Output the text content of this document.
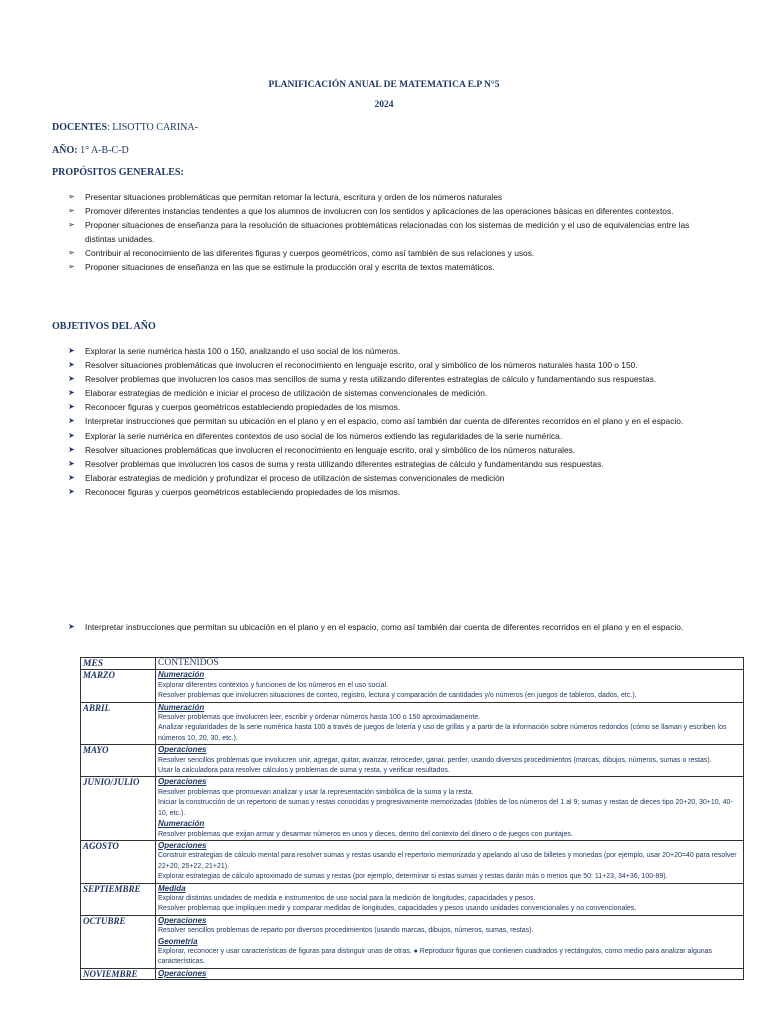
PLANIFICACIÓN ANUAL DE MATEMATICA E.P N°5
2024
DOCENTES: LISOTTO CARINA-
AÑO: 1° A-B-C-D
PROPÓSITOS GENERALES:
➢ Presentar situaciones problemáticas que permitan retomar la lectura, escritura y orden de los números naturales
➢ Promover diferentes instancias tendentes a que los alumnos de involucren con los sentidos y aplicaciones de las operaciones básicas en diferentes contextos.
➢ Proponer situaciones de enseñanza para la resolución de situaciones problemáticas relacionadas con los sistemas de medición y el uso de equivalencias entre las distintas unidades.
➢ Contribuir al reconocimiento de las diferentes figuras y cuerpos geométricos, como así también de sus relaciones y usos.
➢ Proponer situaciones de enseñanza en las que se estimule la producción oral y escrita de textos matemáticos.
OBJETIVOS DEL AÑO
➤ Explorar la serie numérica hasta 100 o 150, analizando el uso social de los números.
➤ Resolver situaciones problemáticas que involucren el reconocimiento en lenguaje escrito, oral y simbólico de los números naturales hasta 100 o 150.
➤ Resolver problemas que involucren los casos mas sencillos de suma y resta utilizando diferentes estrategias de cálculo y fundamentando sus respuestas.
➤ Elaborar estrategias de medición e iniciar el proceso de utilización de sistemas convencionales de medición.
➤ Reconocer figuras y cuerpos geométricos estableciendo propiedades de los mismos.
➤ Interpretar instrucciones que permitan su ubicación en el plano y en el espacio, como así también dar cuenta de diferentes recorridos en el plano y en el espacio.
➤ Explorar la serie numérica en diferentes contextos de uso social de los números extiendo las regularidades de la serie numérica.
➤ Resolver situaciones problemáticas que involucren el reconocimiento en lenguaje escrito, oral y simbólico de los números naturales.
➤ Resolver problemas que involucren los casos de suma y resta utilizando diferentes estrategias de cálculo y fundamentando sus respuestas.
➤ Elaborar estrategias de medición y profundizar el proceso de utilización de sistemas convencionales de medición
➤ Reconocer figuras y cuerpos geométricos estableciendo propiedades de los mismos.
➤ Interpretar instrucciones que permitan su ubicación en el plano y en el espacio, como así también dar cuenta de diferentes recorridos en el plano y en el espacio.
MES	CONTENIDOS
MARZO	Numeración
Explorar diferentes contextos y funciones de los números en el uso social.
Resolver problemas que involucren situaciones de conteo, registro, lectura y comparación de cantidades y/o números (en juegos de tableros, dados, etc.).

ABRIL	Numeración
Resolver problemas que involucren leer, escribir y ordenar números hasta 100 o 150 aproximadamente.
Analizar regularidades de la serie numérica hasta 100 a través de juegos de lotería y uso de grillas y a partir de la información sobre números redondos (cómo se llaman y escriben los números 10, 20, 30, etc.).

MAYO	Operaciones
Resolver sencillos problemas que involucren unir, agregar, quitar, avanzar, retroceder, ganar, perder, usando diversos procedimientos (marcas, dibujos, números, sumas o restas).
Usar la calculadora para resolver cálculos y problemas de suma y resta, y verificar resultados.

JUNIO/JULIO	Operaciones
Resolver problemas que promuevan analizar y usar la representación simbólica de la suma y la resta.
Iniciar la construcción de un repertorio de sumas y restas conocidas y progresivamente memorizadas (dobles de los números del 1 al 9; sumas y restas de dieces tipo 20+20, 30+10, 40-10, etc.).
Numeración
Resolver problemas que exijan armar y desarmar números en unos y dieces, dentro del contexto del dinero o de juegos con puntajes.

AGOSTO	Operaciones
Construir estrategias de cálculo mental para resolver sumas y restas usando el repertorio memorizado y apelando al uso de billetes y monedas (por ejemplo, usar 20+20=40 para resolver 22+20, 25+22, 21+21).
Explorar estrategias de cálculo aproximado de sumas y restas (por ejemplo, determinar si estas sumas y restas darán más o menos que 50: 11+23, 34+36, 100-89).

SEPTIEMBRE	Medida
Explorar distintas unidades de medida e instrumentos de uso social para la medición de longitudes, capacidades y pesos.
Resolver problemas que impliquen medir y comparar medidas de longitudes, capacidades y pesos usando unidades convencionales y no convencionales.

OCTUBRE	Operaciones
Resolver sencillos problemas de reparto por diversos procedimientos (usando marcas, dibujos, números, sumas, restas).
Geometría
Explorar, reconocer y usar características de figuras para distinguir unas de otras. ● Reproducir figuras que contienen cuadrados y rectángulos, como medio para analizar algunas características.

NOVIEMBRE	Operaciones
